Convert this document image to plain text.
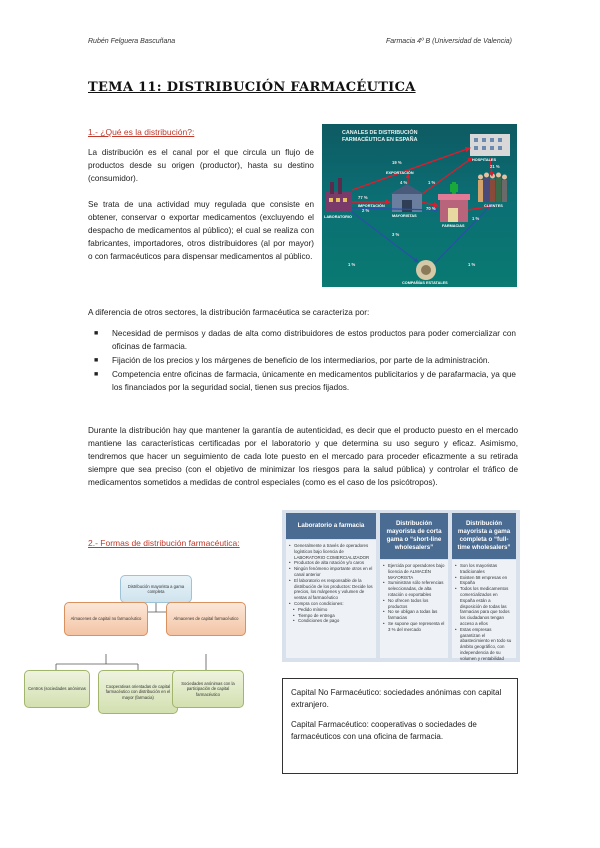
Rubén Felguera Bascuñana	Farmacia 4º B (Universidad de Valencia)
TEMA 11: DISTRIBUCIÓN FARMACÉUTICA
1.- ¿Qué es la distribución?:
La distribución es el canal por el que circula un flujo de productos desde su origen (productor), hasta su destino (consumidor).
Se trata de una actividad muy regulada que consiste en obtener, conservar o exportar medicamentos (excluyendo el despacho de medicamentos al público); el cual se realiza con fabricantes, importadores, otros distribuidores (al por mayor) o con farmacéuticos para dispensar medicamentos al público.
CANALES DE DISTRIBUCIÓN FARMACÉUTICA EN ESPAÑA
LABORATORIO
EXPORTACIÓN
IMPORTACIÓN
MAYORISTAS
HOSPITALES
FARMACIAS
CLIENTES
COMPAÑÍAS ESTATALES
19 %
21 %
4 %	1 %
77 %
2 %	70 %
3 %
1 %	1 %
1 %
A diferencia de otros sectores, la distribución farmacéutica se caracteriza por:
■ Necesidad de permisos y dadas de alta como distribuidores de estos productos para poder comercializar con oficinas de farmacia.
■ Fijación de los precios y los márgenes de beneficio de los intermediarios, por parte de la administración.
■ Competencia entre oficinas de farmacia, únicamente en medicamentos publicitarios y de parafarmacia, ya que los financiados por la seguridad social, tienen sus precios fijados.
Durante la distribución hay que mantener la garantía de autenticidad, es decir que el producto puesto en el mercado mantiene las características certificadas por el laboratorio y que determina su uso seguro y eficaz. Asimismo, tendremos que hacer un seguimiento de cada lote puesto en el mercado para proceder eficazmente a su retirada siempre que sea preciso (con el objetivo de minimizar los riesgos para la salud pública) y controlar el tráfico de medicamentos sometidos a medidas de control especiales (como es el caso de los psicótropos).
2.- Formas de distribución farmacéutica:
Distribución mayorista a gama completa
Almacenes de capital no farmacéutico	Almacenes de capital farmacéutico
Centros (sociedades anónimas	Cooperativas orientadas de capital farmacéutico con distribución en el mayor (farmacia)
Sociedades anónimas con la participación de capital farmacéutico
Laboratorio a farmacia
• Generalmente a través de operadores logísticos bajo licencia de LABORATORIO COMERCIALIZADOR
• Productos de alta rotación y/o caros
• Ningún fenómeno importante otros en el canal anterior
• El laboratorio es responsable de la distribución de los productos: Decide los precios, los márgenes y volumen de ventas al farmacéutico
• Compra con condiciones:
• Pedido mínimo
• Tiempo de entrega
• Condiciones de pago
Distribución mayorista de corta gama o “short-line wholesalers”
• Ejercida por operadores bajo licencia de ALMACÉN MAYORISTA
• Suministran sólo referencias seleccionadas, de alta rotación o exportables
• No ofrecen todos los productos
• No se obligan a todas las farmacias
• Se supone que representa el 3 % del mercado
Distribución mayorista a gama completa o “full-time wholesalers”
• Son los mayoristas tradicionales
• Existen 58 empresas en España
• Todos los medicamentos comercializados en España están a disposición de todas las farmacias para que todos los ciudadanos tengan acceso a ellos
• Estas empresas garantizan el abastecimiento en todo su ámbito geográfico, con independencia de su volumen y rentabilidad

Capital No Farmacéutico: sociedades anónimas con capital extranjero.

Capital Farmacéutico: cooperativas o sociedades de farmacéuticos con una oficina de farmacia.
